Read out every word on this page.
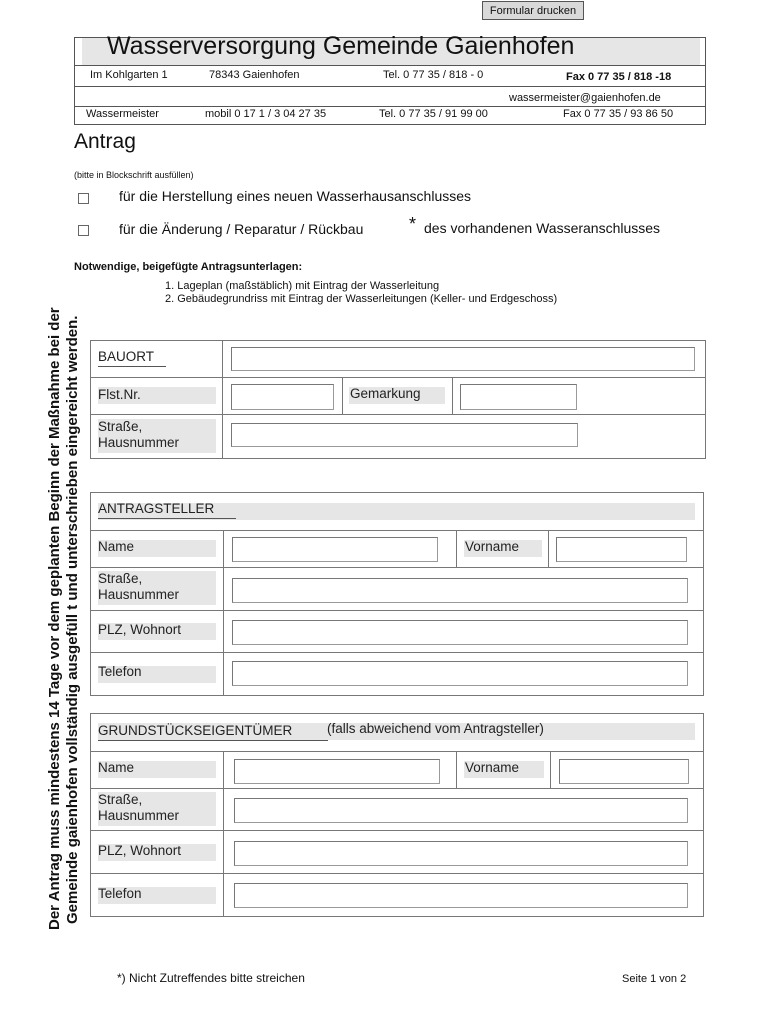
Formular drucken
Wasserversorgung Gemeinde Gaienhofen
Im Kohlgarten 1	78343 Gaienhofen	Tel. 0 77 35 / 818 - 0	Fax 0 77 35 / 818 -18
wassermeister@gaienhofen.de
Wassermeister	mobil 0 17 1 / 3 04 27 35	Tel. 0 77 35 / 91 99 00	Fax 0 77 35 / 93 86 50
Antrag
(bitte in Blockschrift ausfüllen)
für die Herstellung eines neuen Wasserhausanschlusses
für die Änderung / Reparatur / Rückbau	* des vorhandenen Wasseranschlusses
Notwendige, beigefügte Antragsunterlagen:
1. Lageplan (maßstäblich) mit Eintrag der Wasserleitung
2. Gebäudegrundriss mit Eintrag der Wasserleitungen (Keller- und Erdgeschoss)
Der Antrag muss mindestens 14 Tage vor dem geplanten Beginn der Maßnahme bei der Gemeinde gaienhofen vollständig ausgefüll t und unterschrieben eingereicht werden. BAUORT
Flst.Nr.	Gemarkung
Straße,
Hausnummer
ANTRAGSTELLER
Name	Vorname
Straße,
Hausnummer
PLZ, Wohnort
Telefon
GRUNDSTÜCKSEIGENTÜMER	(falls abweichend vom Antragsteller)
Name	Vorname
Straße,
Hausnummer
PLZ, Wohnort
Telefon
*) Nicht Zutreffendes bitte streichen	Seite 1 von 2
